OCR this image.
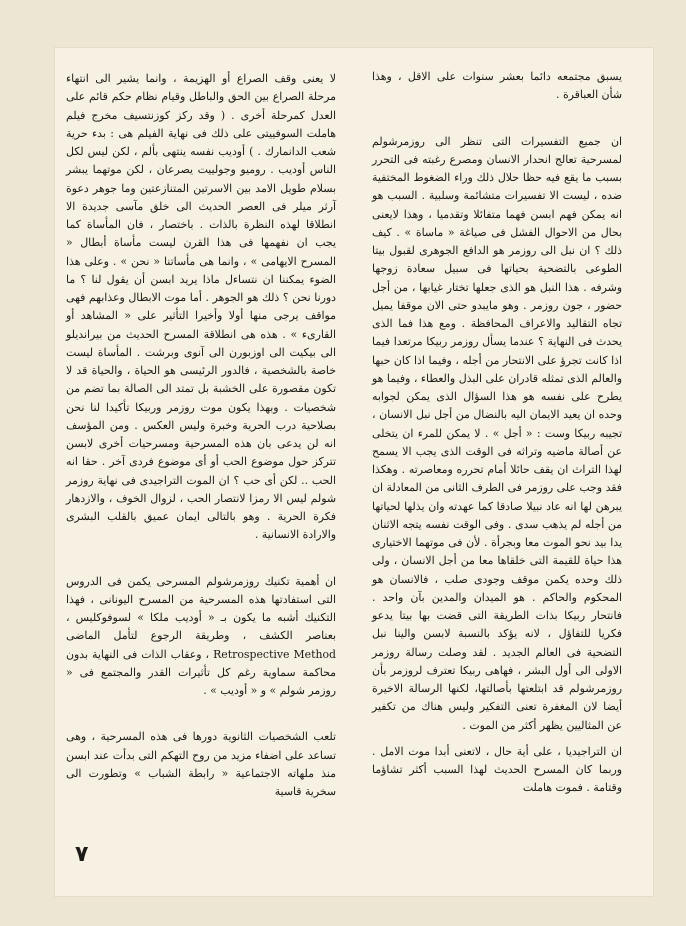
يسبق مجتمعه دائما بعشر سنوات على الاقل ، وهذا شأن العباقرة .

ان جميع التفسيرات التى تنظر الى روزمرشولم لمسرحية تعالج انحدار الانسان ومصرع رغبته فى التحرر بسبب ما يقع فيه حظا حلال ذلك وراء الضغوط المختفية ضده ، ليست الا تفسيرات متشائمة وسلبية . السبب هو انه يمكن فهم ابسن فهما متفائلا وتقدميا ، وهذا لايعنى بحال من الاحوال الفشل فى صياغة « ماساة » . كيف ذلك ؟ ان نبل الى روزمر هو الدافع الجوهرى لقبول بيتا الطوعى بالتضحية بحياتها فى سبيل سعادة زوجها وشرفه . هذا النبل هو الذى جعلها تختار غيابها ، من أجل حضور ، جون روزمر . وهو مايبدو حتى الان موقفا يميل تجاه التقاليد والاعراف المحافظة . ومع هذا فما الذى يحدث فى النهاية ؟ عندما يسأل روزمر ربيكا مرتعدا فيما اذا كانت تجرؤ على الانتحار من أجله ، وفيما اذا كان حبها والعالم الذى تمثله قادران على البذل والعطاء ، وفيما هو يطرح على نفسه هو هذا السؤال الذى يمكن لجوابه وحده ان يعيد الايمان اليه بالنضال من أجل نبل الانسان ، تجيبه ربيكا وست : « أجل » . لا يمكن للمرء ان يتخلى عن أصالة ماضيه وتراثه فى الوقت الذى يجب الا يسمح لهذا التراث ان يقف حائلا أمام تحرره ومعاصرته . وهكذا فقد وجب على روزمر فى الطرف الثانى من المعادلة ان يبرهن لها انه عاد نبيلا صادقا كما عهدته وان يذلها لحياتها من أجله لم يذهب سدى . وفى الوقت نفسه يتجه الاثنان يدا بيد نحو الموت معا وبجرأة . لأن فى موتهما الاختيارى هذا حياة للقيمة التى خلقاها معا من أجل الانسان ، ولى ذلك وحده يكمن موقف وجودى صلب ، فالانسان هو المحكوم والحاكم . هو الميدان والمدين بآن واحد . فانتحار ربيكا بذات الطريقة التى قضت بها بيتا يدعو فكريا للتفاؤل ، لانه يؤكد بالنسبة لابسن والينا نبل التضحية فى العالم الجديد . لقد وصلت رسالة روزمر الاولى الى أول البشر ، فهاهى ربيكا تعترف لروزمر بأن روزمرشولم قد ابتلعتها بأصالتها، لكنها الرسالة الاخيرة أيضا لان المغفرة تعنى التفكير وليس هناك من تكفير عن المثاليين يظهر أكثر من الموت .

ان التراجيديا ، على أية حال ، لاتعنى أبدا موت الامل . وربما كان المسرح الحديث لهذا السبب أكثر تشاؤما وقتامة . فموت هاملت

لا يعنى وقف الصراع أو الهزيمة ، وانما يشير الى انتهاء مرحلة الصراع بين الحق والباطل وقيام نظام حكم قائم على العدل كمرحلة أخرى . ( وقد ركز كوزنتسيف مخرج فيلم هاملت السوفييتى على ذلك فى نهاية الفيلم هى : بدء حرية شعب الدانمارك . ) أوديب نفسه ينتهى بألم ، لكن ليس لكل الناس أوديب . روميو وجولييت يصرعان ، لكن موتهما يبشر بسلام طويل الامد بين الاسرتين المتنازعتين وما جوهر دعوة آرثر ميلر فى العصر الحديث الى خلق مآسى جديدة الا انطلاقا لهذه النظرة بالذات . باختصار ، فان المأساة كما يجب ان نفهمها فى هذا القرن ليست مأساة أبطال « المسرح الايهامى » ، وانما هى مأساتنا « نحن » . وعلى هذا الضوء يمكننا ان نتساءل ماذا يريد ابسن أن يقول لنا ؟ ما دورنا نحن ؟ ذلك هو الجوهر . أما موت الابطال وعذابهم فهى مواقف يرجى منها أولا وأخيرا التأثير على « المشاهد أو القارىء » . هذه هى انطلاقة المسرح الحديث من بيرانديلو الى بيكيت الى اوزبورن الى آنوى وبرشت . المأساة ليست خاصة بالشخصية ، فالدور الرئيسى هو الحياة ، والحياة قد لا تكون مقصورة على الخشبة بل تمتد الى الصالة بما تضم من شخصيات . وبهذا يكون موت روزمر وربيكا تأكيدا لنا نحن بصلاحية درب الحرية وخبرة وليس العكس . ومن المؤسف انه لن يدعى بان هذه المسرحية ومسرحيات أخرى لابسن تتركز حول موضوع الحب أو أى موضوع فردى آخر . حقا انه الحب .. لكن أى حب ؟ ان الموت التراجيدى فى نهاية روزمر شولم ليس الا رمزا لانتصار الحب ، لزوال الخوف ، والازدهار فكرة الحرية . وهو بالتالى ايمان عميق بالقلب البشرى والارادة الانسانية .

ان أهمية تكنيك روزمرشولم المسرحى يكمن فى الدروس التى استفادتها هذه المسرحية من المسرح اليونانى ، فهذا التكنيك أشبه ما يكون بـ « أوديب ملكا » لسوفوكليس ، بعناصر الكشف ، وطريقة الرجوع لتأمل الماضى Retrospective Method ، وعقاب الذات فى النهاية بدون محاكمة سماوية رغم كل تأثيرات القدر والمجتمع فى « روزمر شولم » و « أوديب » .

تلعب الشخصيات الثانوية دورها فى هذه المسرحية ، وهى تساعد على اضفاء مزيد من روح التهكم التى بدأت عند ابسن منذ ملهاته الاجتماعية « رابطة الشباب » وتطورت الى سخرية قاسية

٧
